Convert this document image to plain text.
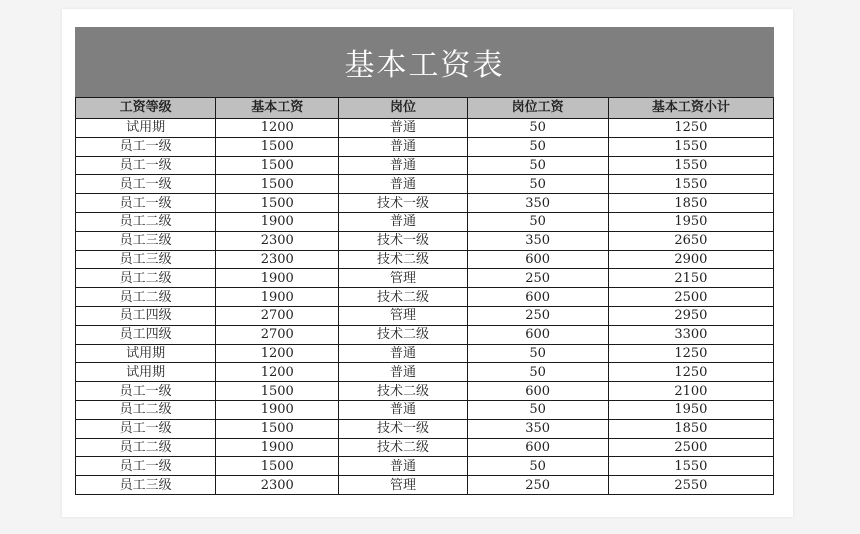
基本工资表
工资等级	基本工资	岗位	岗位工资	基本工资小计
试用期	1200	普通	50	1250
员工一级	1500	普通	50	1550
员工一级	1500	普通	50	1550
员工一级	1500	普通	50	1550
员工一级	1500	技术一级	350	1850
员工二级	1900	普通	50	1950
员工三级	2300	技术一级	350	2650
员工三级	2300	技术二级	600	2900
员工二级	1900	管理	250	2150
员工二级	1900	技术二级	600	2500
员工四级	2700	管理	250	2950
员工四级	2700	技术二级	600	3300
试用期	1200	普通	50	1250
试用期	1200	普通	50	1250
员工一级	1500	技术二级	600	2100
员工二级	1900	普通	50	1950
员工一级	1500	技术一级	350	1850
员工二级	1900	技术二级	600	2500
员工一级	1500	普通	50	1550
员工三级	2300	管理	250	2550
